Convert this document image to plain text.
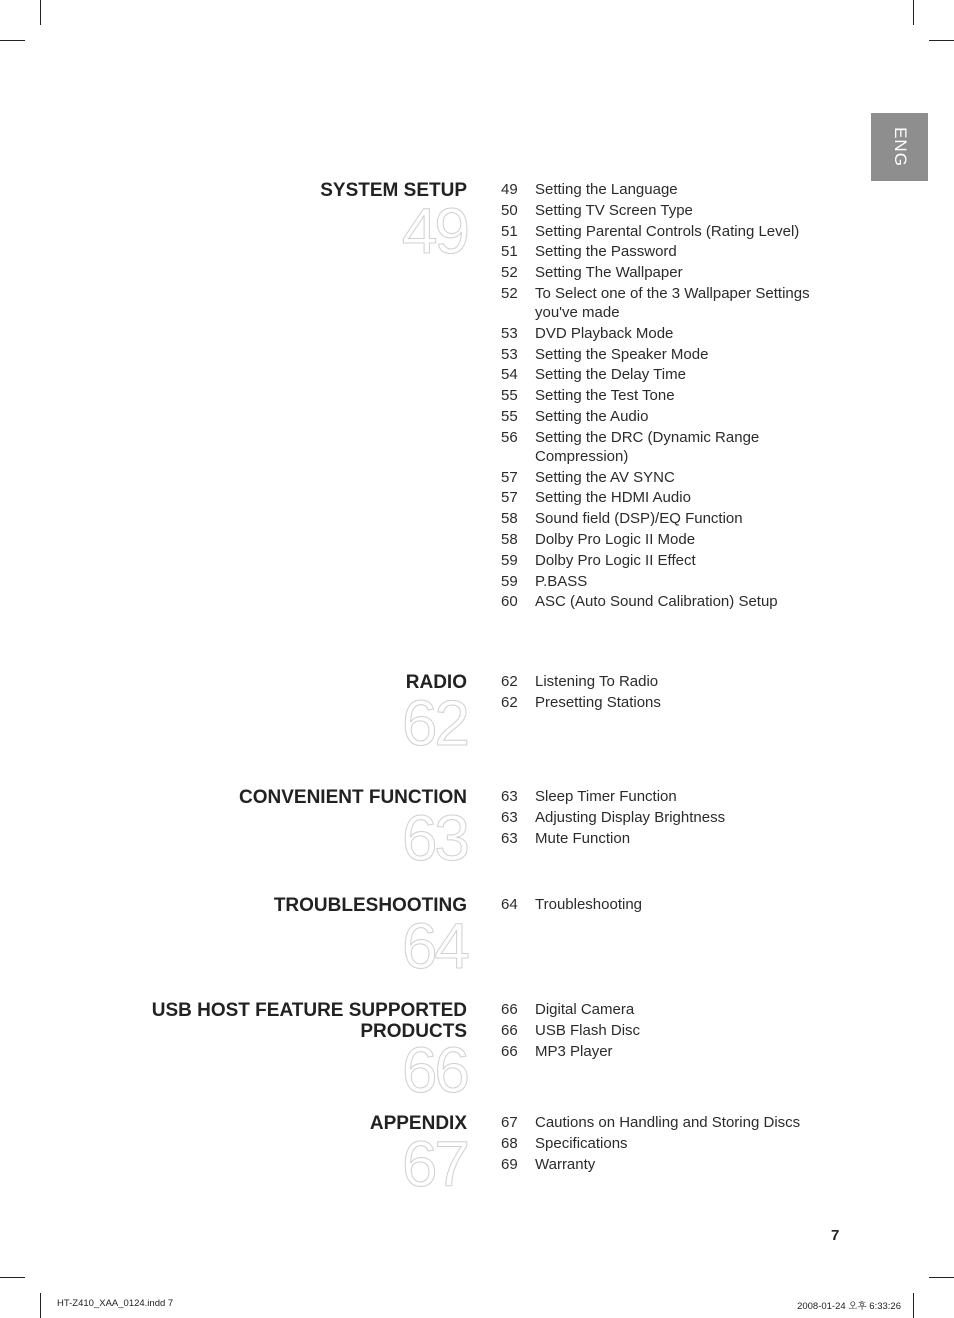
ENG
SYSTEM SETUP
49
49	Setting the Language
50	Setting TV Screen Type
51	Setting Parental Controls (Rating Level)
51	Setting the Password
52	Setting The Wallpaper
52	To Select one of the 3 Wallpaper Settings you've made
53	DVD Playback Mode
53	Setting the Speaker Mode
54	Setting the Delay Time
55	Setting the Test Tone
55	Setting the Audio
56	Setting the DRC (Dynamic Range Compression)
57	Setting the AV SYNC
57	Setting the HDMI Audio
58	Sound field (DSP)/EQ Function
58	Dolby Pro Logic II Mode
59	Dolby Pro Logic II Effect
59	P.BASS
60	ASC (Auto Sound Calibration) Setup
RADIO
62
62	Listening To Radio
62	Presetting Stations
CONVENIENT FUNCTION
63
63	Sleep Timer Function
63	Adjusting Display Brightness
63	Mute Function
TROUBLESHOOTING
64
64	Troubleshooting
USB HOST FEATURE SUPPORTED
PRODUCTS
66
66	Digital Camera
66	USB Flash Disc
66	MP3 Player
APPENDIX
67
67	Cautions on Handling and Storing Discs
68	Specifications
69	Warranty
7
HT-Z410_XAA_0124.indd 7	2008-01-24 오후 6:33:26
